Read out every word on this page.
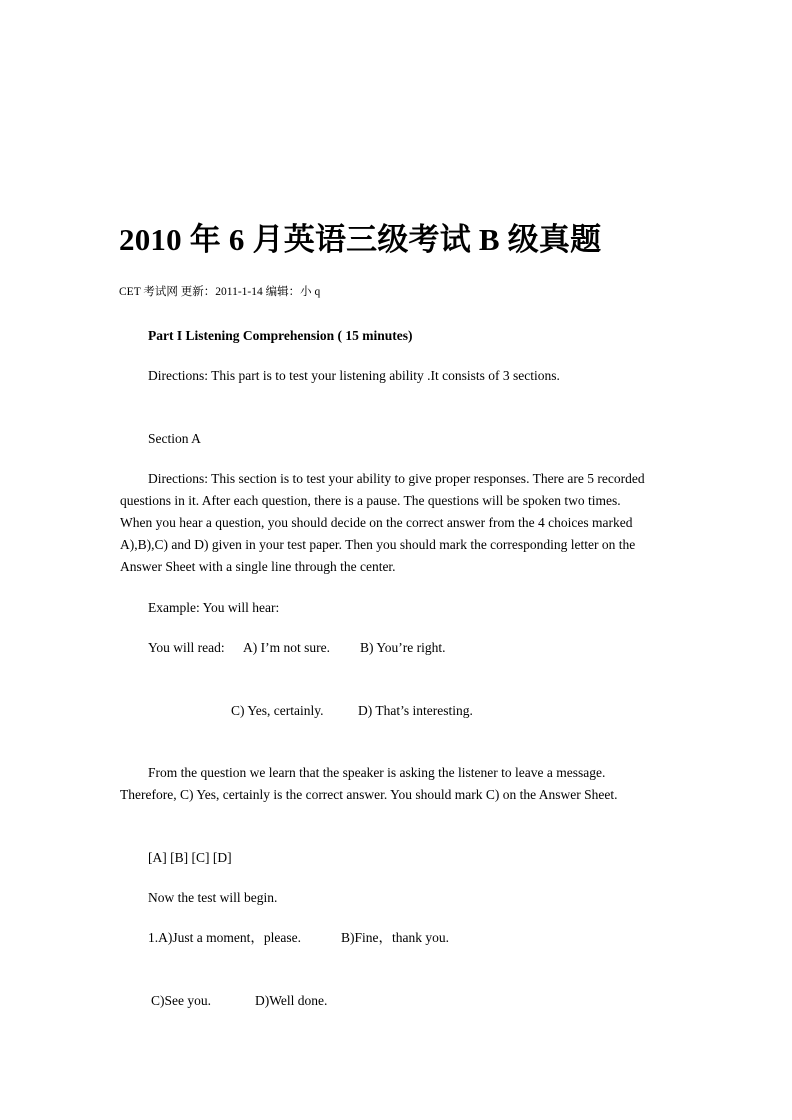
2010 年 6 月英语三级考试 B 级真题
CET 考试网 更新：2011-1-14 编辑：小 q
Part I Listening Comprehension ( 15 minutes)
Directions: This part is to test your listening ability .It consists of 3 sections.
Section A
Directions: This section is to test your ability to give proper responses. There are 5 recorded
questions in it. After each question, there is a pause. The questions will be spoken two times.
When you hear a question, you should decide on the correct answer from the 4 choices marked
A),B),C) and D) given in your test paper. Then you should mark the corresponding letter on the
Answer Sheet with a single line through the center.
Example: You will hear:
You will read: A) I’m not sure. B) You’re right.
C) Yes, certainly.	D) That’s interesting.
From the question we learn that the speaker is asking the listener to leave a message.
Therefore, C) Yes, certainly is the correct answer. You should mark C) on the Answer Sheet.
[A] [B] [C] [D]
Now the test will begin.
1.A)Just a moment，please.	B)Fine，thank you.
C)See you.	D)Well done.
